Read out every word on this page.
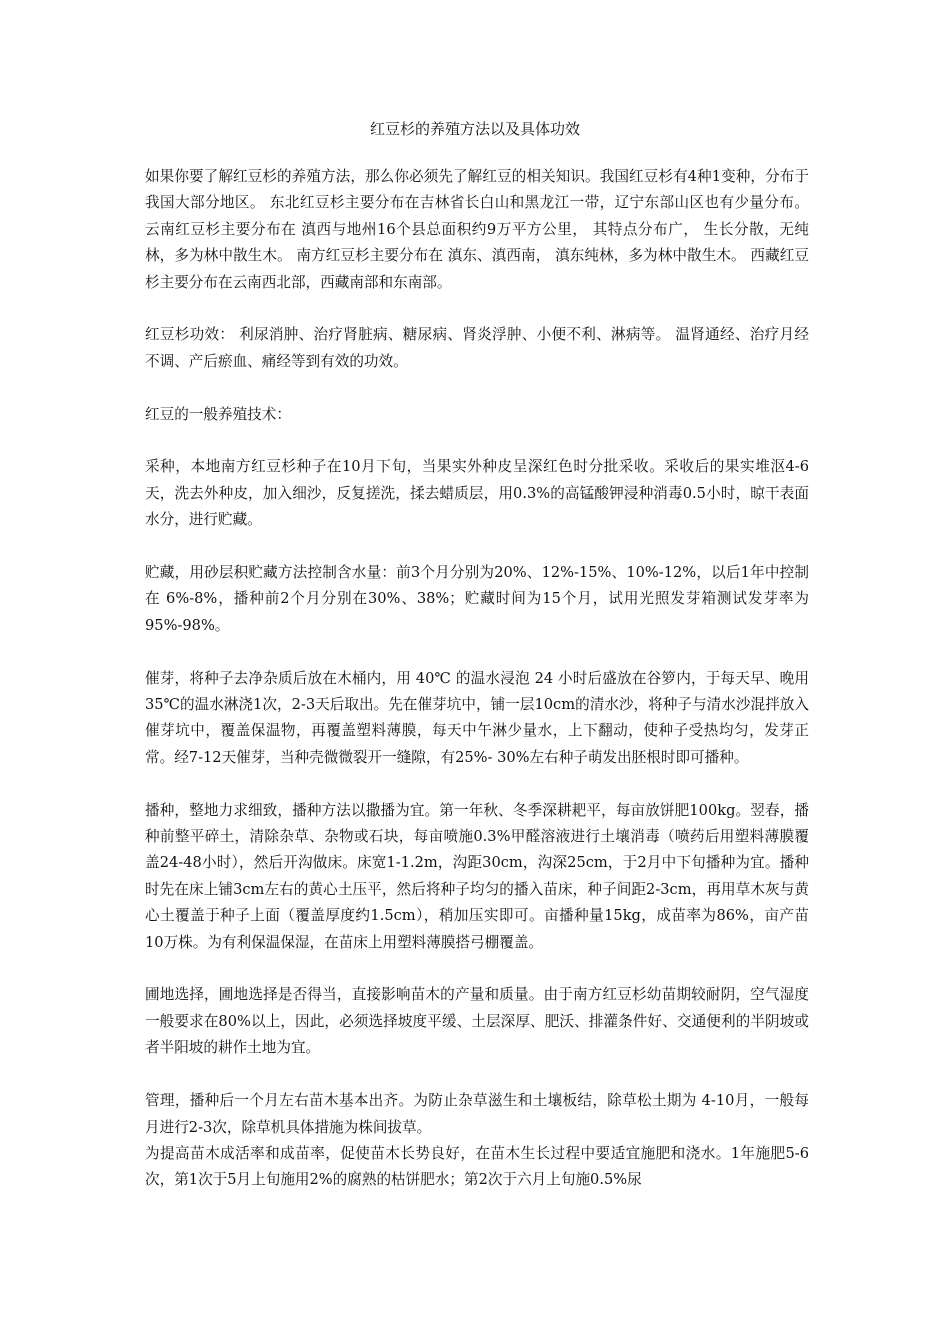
红豆杉的养殖方法以及具体功效

如果你要了解红豆杉的养殖方法，那么你必须先了解红豆的相关知识。我国红豆杉有4种1变种，分布于我国大部分地区。 东北红豆杉主要分布在吉林省长白山和黑龙江一带，辽宁东部山区也有少量分布。 云南红豆杉主要分布在 滇西与地州16个县总面积约9万平方公里， 其特点分布广， 生长分散，无纯林，多为林中散生木。 南方红豆杉主要分布在 滇东、滇西南， 滇东纯林，多为林中散生木。 西藏红豆杉主要分布在云南西北部，西藏南部和东南部。

红豆杉功效： 利尿消肿、治疗肾脏病、糖尿病、肾炎浮肿、小便不利、淋病等。 温肾通经、治疗月经不调、产后瘀血、痛经等到有效的功效。

红豆的一般养殖技术：

采种，本地南方红豆杉种子在10月下旬，当果实外种皮呈深红色时分批采收。采收后的果实堆沤4-6天，洗去外种皮，加入细沙，反复搓洗，揉去蜡质层，用0.3%的高锰酸钾浸种消毒0.5小时，晾干表面水分，进行贮藏。

贮藏，用砂层积贮藏方法控制含水量：前3个月分别为20%、12%-15%、10%-12%，以后1年中控制在 6%-8%，播种前2个月分别在30%、38%；贮藏时间为15个月，试用光照发芽箱测试发芽率为95%-98%。

催芽，将种子去净杂质后放在木桶内，用 40℃ 的温水浸泡 24 小时后盛放在谷箩内，于每天早、晚用35℃的温水淋浇1次，2-3天后取出。先在催芽坑中，铺一层10cm的清水沙，将种子与清水沙混拌放入催芽坑中，覆盖保温物，再覆盖塑料薄膜，每天中午淋少量水，上下翻动，使种子受热均匀，发芽正常。经7-12天催芽，当种壳微微裂开一缝隙，有25%- 30%左右种子萌发出胚根时即可播种。

播种，整地力求细致，播种方法以撒播为宜。第一年秋、冬季深耕耙平，每亩放饼肥100kg。翌春，播种前整平碎土，清除杂草、杂物或石块，每亩喷施0.3%甲醛溶液进行土壤消毒（喷药后用塑料薄膜覆盖24-48小时），然后开沟做床。床宽1-1.2m，沟距30cm，沟深25cm，于2月中下旬播种为宜。播种时先在床上铺3cm左右的黄心土压平，然后将种子均匀的播入苗床，种子间距2-3cm，再用草木灰与黄心土覆盖于种子上面（覆盖厚度约1.5cm），稍加压实即可。亩播种量15kg，成苗率为86%，亩产苗10万株。为有利保温保湿，在苗床上用塑料薄膜搭弓棚覆盖。

圃地选择，圃地选择是否得当，直接影响苗木的产量和质量。由于南方红豆杉幼苗期较耐阴，空气湿度一般要求在80%以上，因此，必须选择坡度平缓、土层深厚、肥沃、排灌条件好、交通便利的半阴坡或者半阳坡的耕作土地为宜。

管理，播种后一个月左右苗木基本出齐。为防止杂草滋生和土壤板结，除草松土期为 4-10月，一般每月进行2-3次，除草机具体措施为株间拔草。

为提高苗木成活率和成苗率，促使苗木长势良好，在苗木生长过程中要适宜施肥和浇水。1年施肥5-6次，第1次于5月上旬施用2%的腐熟的枯饼肥水；第2次于六月上旬施0.5%尿
